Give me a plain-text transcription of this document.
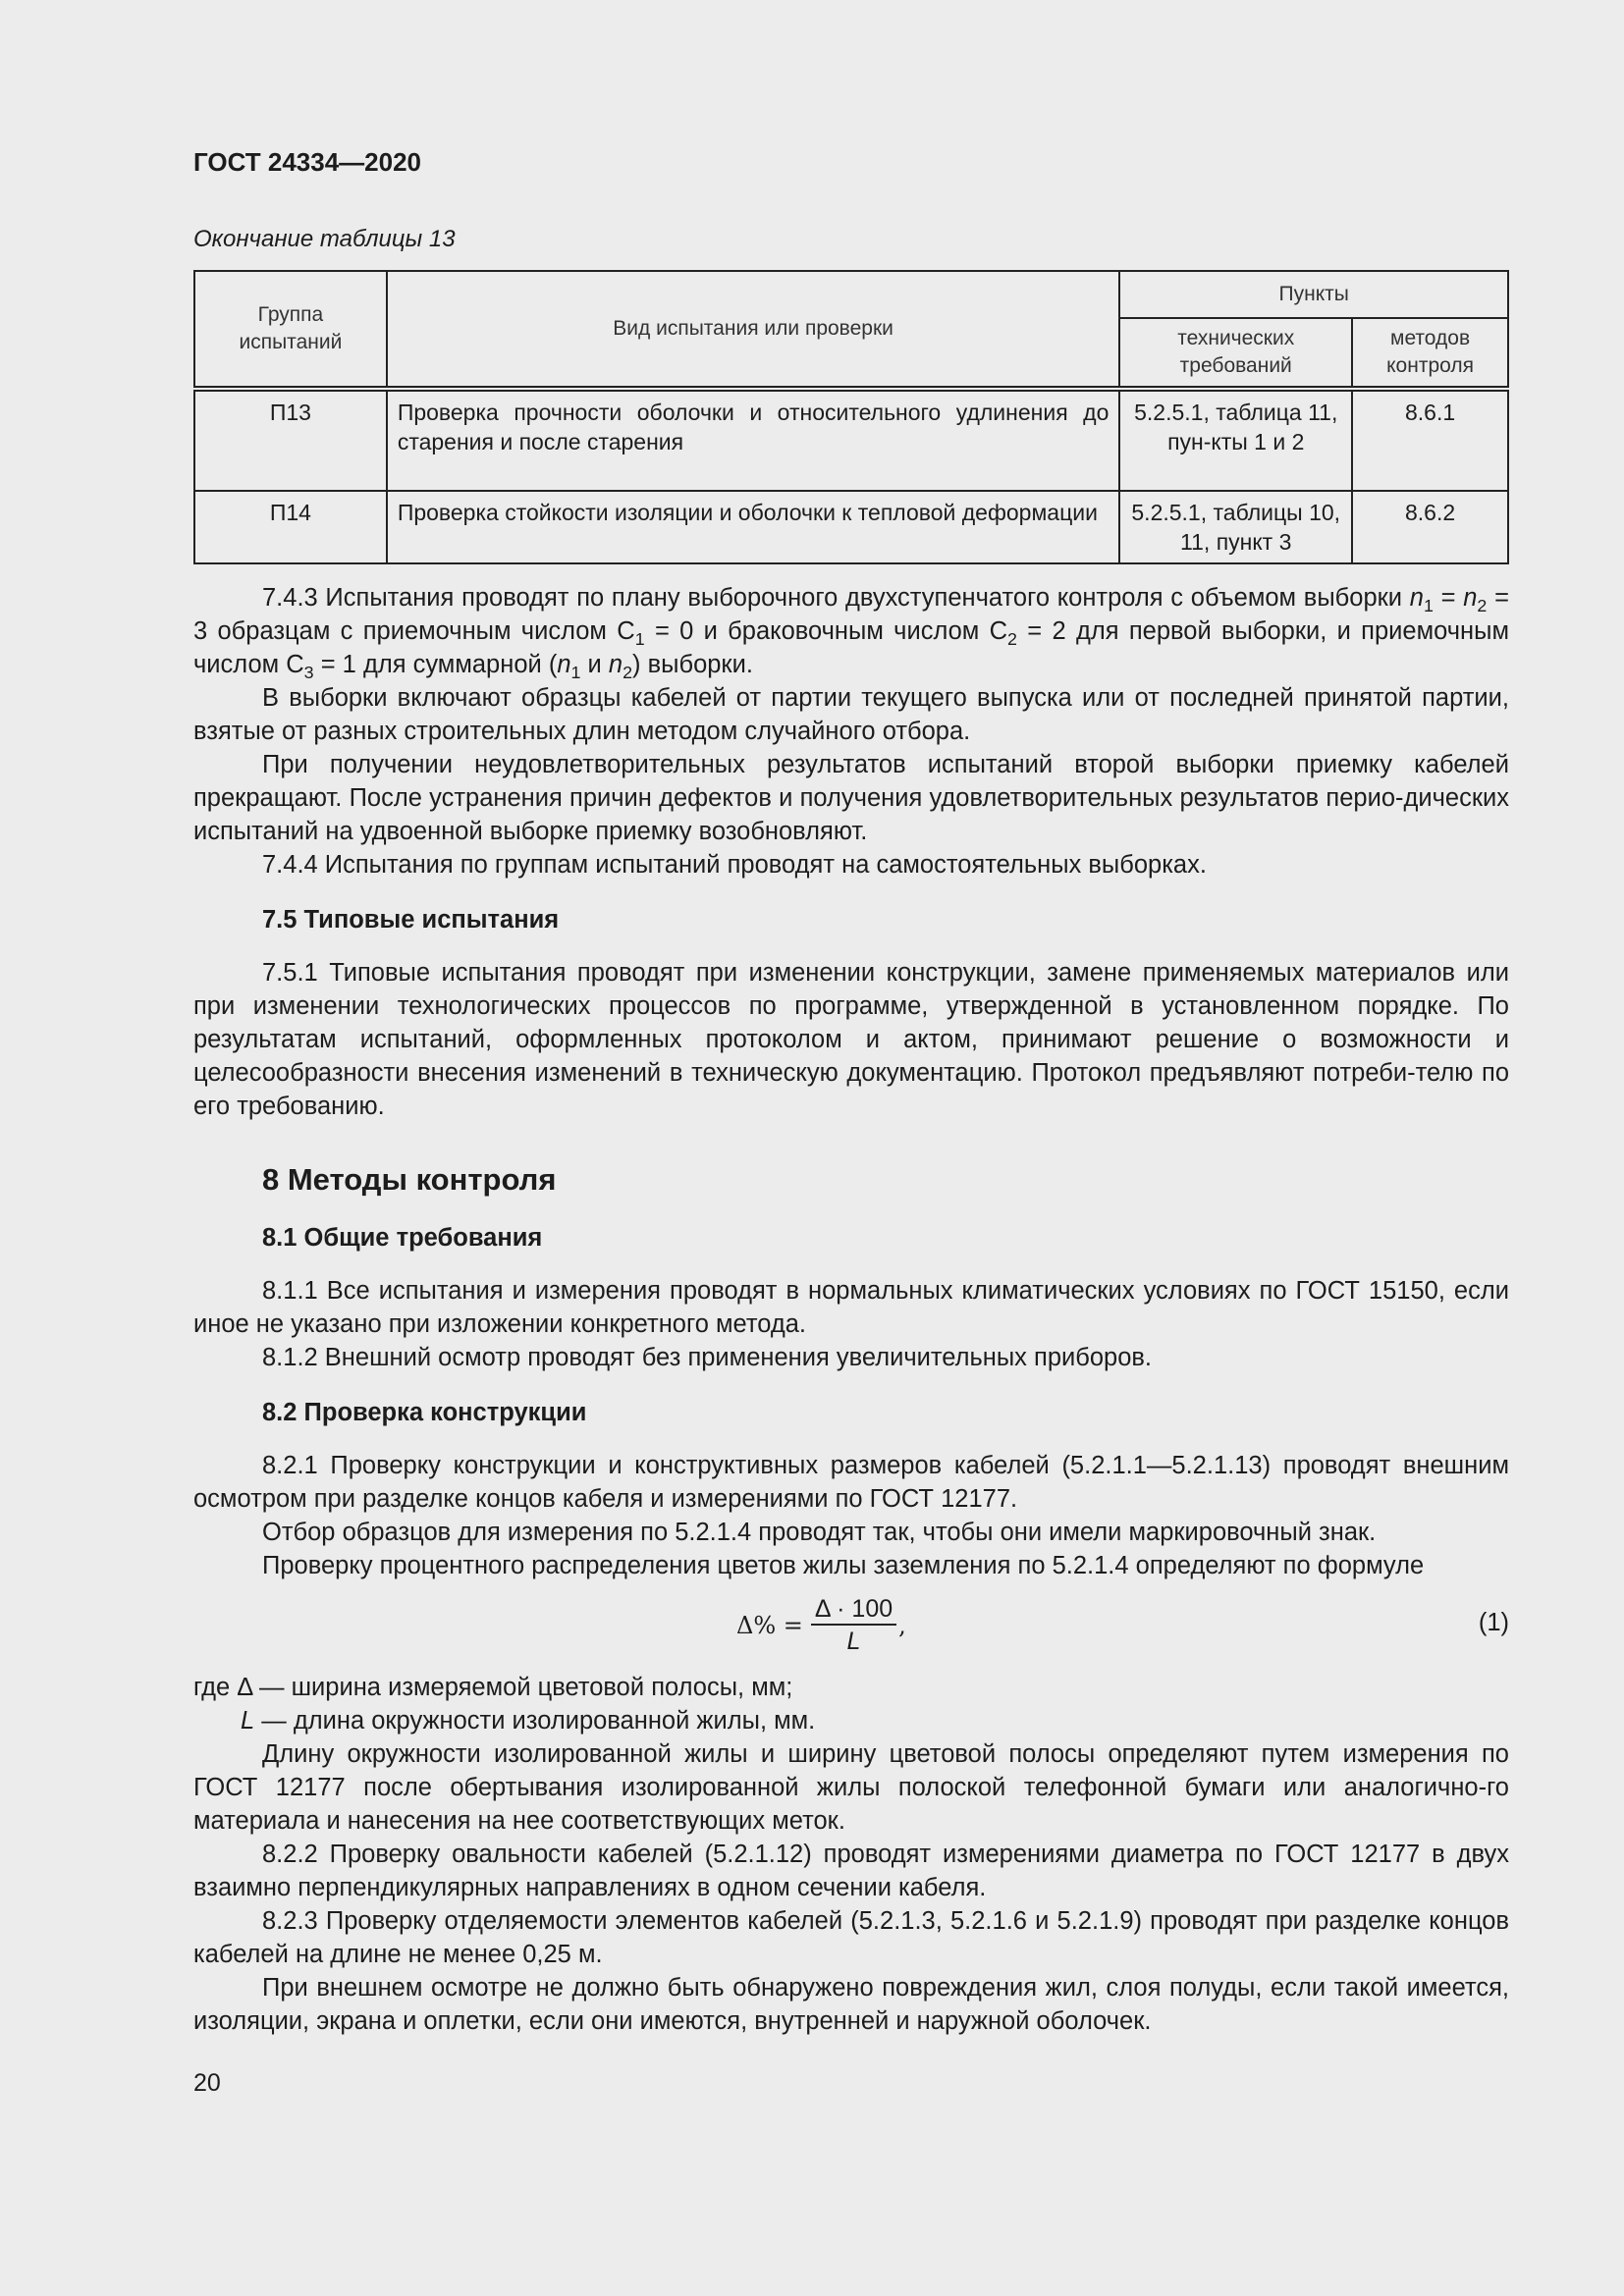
ГОСТ 24334—2020
Окончание таблицы 13
Группа испытаний	Вид испытания или проверки	Пункты	
		технических требований	методов контроля
П13	Проверка прочности оболочки и относительного удлинения до старения и после старения	5.2.5.1, таблица 11, пун-кты 1 и 2	8.6.1
П14	Проверка стойкости изоляции и оболочки к тепловой деформации	5.2.5.1, таблицы 10, 11, пункт 3	8.6.2

7.4.3 Испытания проводят по плану выборочного двухступенчатого контроля с объемом выборки $n_1 = n_2 = 3$ образцам с приемочным числом $С_1 = 0$ и браковочным числом $С_2 = 2$ для первой выборки, и приемочным числом $С_3 = 1$ для суммарной ($n_1$ и $n_2$) выборки.

В выборки включают образцы кабелей от партии текущего выпуска или от последней принятой партии, взятые от разных строительных длин методом случайного отбора.

При получении неудовлетворительных результатов испытаний второй выборки приемку кабелей прекращают. После устранения причин дефектов и получения удовлетворительных результатов перио-дических испытаний на удвоенной выборке приемку возобновляют.

7.4.4 Испытания по группам испытаний проводят на самостоятельных выборках.

7.5 Типовые испытания

7.5.1 Типовые испытания проводят при изменении конструкции, замене применяемых материалов или при изменении технологических процессов по программе, утвержденной в установленном порядке. По результатам испытаний, оформленных протоколом и актом, принимают решение о возможности и целесообразности внесения изменений в техническую документацию. Протокол предъявляют потреби-телю по его требованию.

8 Методы контроля

8.1 Общие требования

8.1.1 Все испытания и измерения проводят в нормальных климатических условиях по ГОСТ 15150, если иное не указано при изложении конкретного метода.

8.1.2 Внешний осмотр проводят без применения увеличительных приборов.

8.2 Проверка конструкции

8.2.1 Проверку конструкции и конструктивных размеров кабелей (5.2.1.1—5.2.1.13) проводят внешним осмотром при разделке концов кабеля и измерениями по ГОСТ 12177.

Отбор образцов для измерения по 5.2.1.4 проводят так, чтобы они имели маркировочный знак.

Проверку процентного распределения цветов жилы заземления по 5.2.1.4 определяют по формуле

$\Delta\% = \frac{\Delta \cdot 100}{L}$ ,	(1)

где Δ — ширина измеряемой цветовой полосы, мм;

L — длина окружности изолированной жилы, мм.

Длину окружности изолированной жилы и ширину цветовой полосы определяют путем измерения по ГОСТ 12177 после обертывания изолированной жилы полоской телефонной бумаги или аналогично-го материала и нанесения на нее соответствующих меток.

8.2.2 Проверку овальности кабелей (5.2.1.12) проводят измерениями диаметра по ГОСТ 12177 в двух взаимно перпендикулярных направлениях в одном сечении кабеля.

8.2.3 Проверку отделяемости элементов кабелей (5.2.1.3, 5.2.1.6 и 5.2.1.9) проводят при разделке концов кабелей на длине не менее 0,25 м.

При внешнем осмотре не должно быть обнаружено повреждения жил, слоя полуды, если такой имеется, изоляции, экрана и оплетки, если они имеются, внутренней и наружной оболочек.

20
